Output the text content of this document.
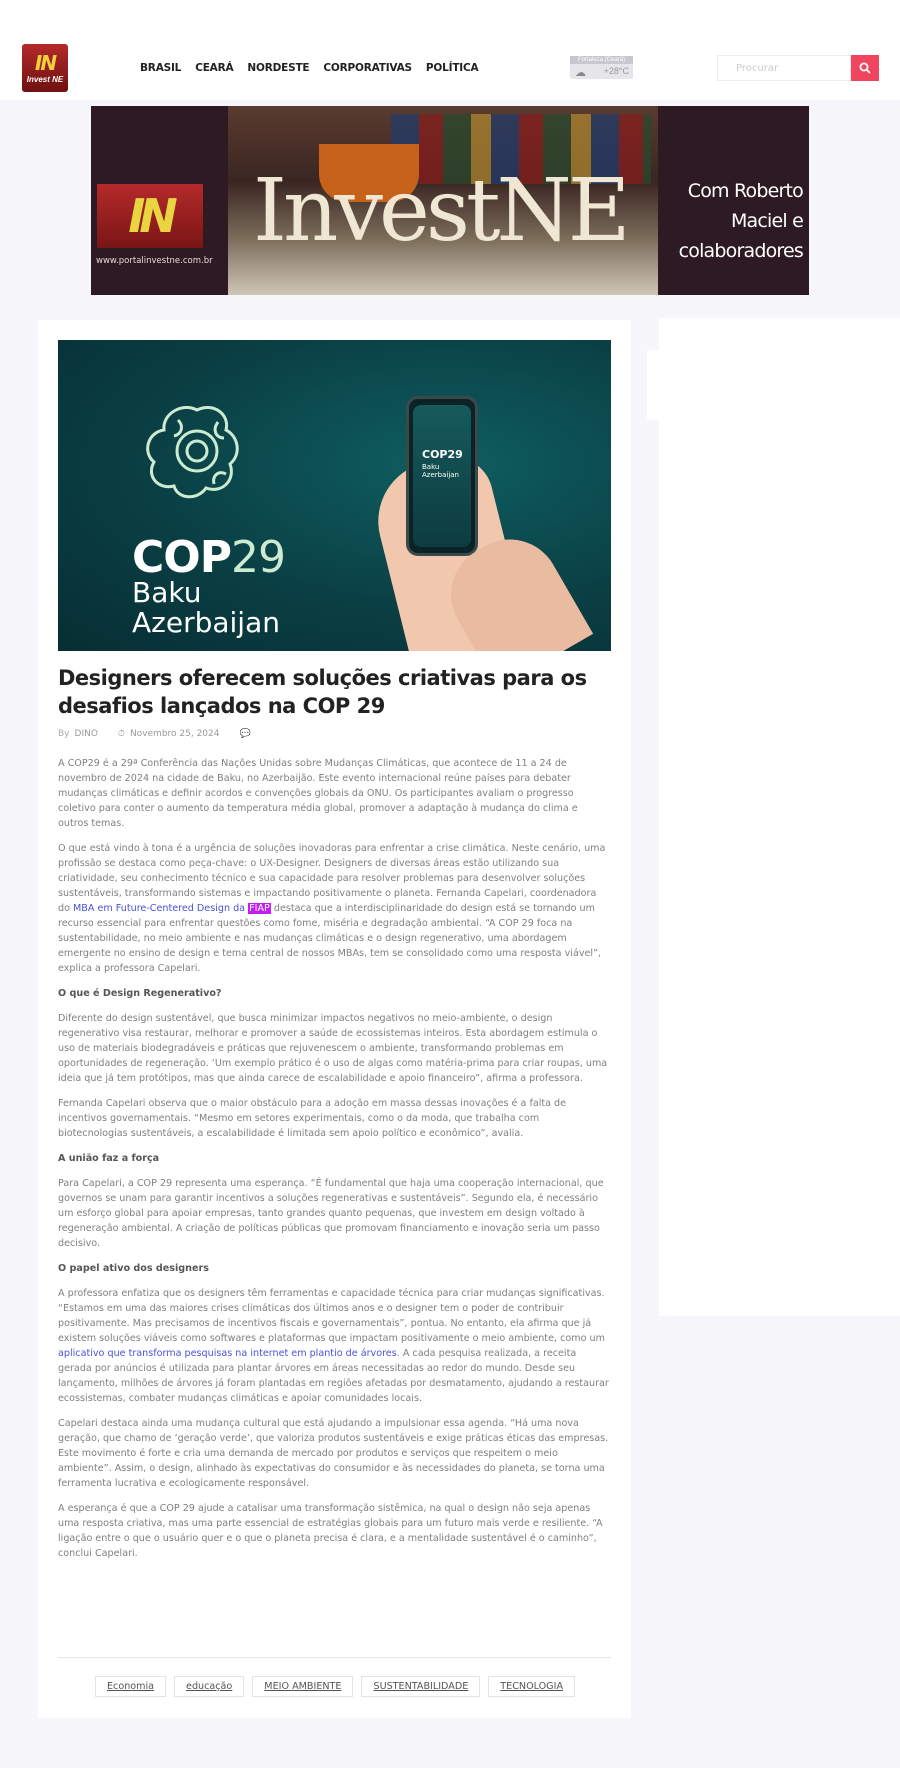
IN
Invest NE
BRASIL CEARÁ NORDESTE CORPORATIVAS POLÍTICA
Fortaleza (Ceará)
☁ +28°C
Procurar
IN
www.portalinvestne.com.br InvestNE	Com Roberto Maciel e colaboradores
COP29
Baku
Azerbaijan
COP29
Baku
Azerbaijan
Designers oferecem soluções criativas para os desafios lançados na COP 29
By DINO ⏱ Novembro 25, 2024 💬

A COP29 é a 29ª Conferência das Nações Unidas sobre Mudanças Climáticas, que acontece de 11 a 24 de novembro de 2024 na cidade de Baku, no Azerbaijão. Este evento internacional reúne países para debater mudanças climáticas e definir acordos e convenções globais da ONU. Os participantes avaliam o progresso coletivo para conter o aumento da temperatura média global, promover a adaptação à mudança do clima e outros temas.

O que está vindo à tona é a urgência de soluções inovadoras para enfrentar a crise climática. Neste cenário, uma profissão se destaca como peça-chave: o UX-Designer. Designers de diversas áreas estão utilizando sua criatividade, seu conhecimento técnico e sua capacidade para resolver problemas para desenvolver soluções sustentáveis, transformando sistemas e impactando positivamente o planeta. Fernanda Capelari, coordenadora do MBA em Future-Centered Design da FIAP destaca que a interdisciplinaridade do design está se tornando um recurso essencial para enfrentar questões como fome, miséria e degradação ambiental. “A COP 29 foca na sustentabilidade, no meio ambiente e nas mudanças climáticas e o design regenerativo, uma abordagem emergente no ensino de design e tema central de nossos MBAs, tem se consolidado como uma resposta viável”, explica a professora Capelari.

O que é Design Regenerativo?

Diferente do design sustentável, que busca minimizar impactos negativos no meio-ambiente, o design regenerativo visa restaurar, melhorar e promover a saúde de ecossistemas inteiros. Esta abordagem estimula o uso de materiais biodegradáveis e práticas que rejuvenescem o ambiente, transformando problemas em oportunidades de regeneração. ‘Um exemplo prático é o uso de algas como matéria-prima para criar roupas, uma ideia que já tem protótipos, mas que ainda carece de escalabilidade e apoio financeiro”, afirma a professora.

Fernanda Capelari observa que o maior obstáculo para a adoção em massa dessas inovações é a falta de incentivos governamentais. “Mesmo em setores experimentais, como o da moda, que trabalha com biotecnologias sustentáveis, a escalabilidade é limitada sem apoio político e econômico”, avalia.

A união faz a força

Para Capelari, a COP 29 representa uma esperança. “É fundamental que haja uma cooperação internacional, que governos se unam para garantir incentivos a soluções regenerativas e sustentáveis”. Segundo ela, é necessário um esforço global para apoiar empresas, tanto grandes quanto pequenas, que investem em design voltado à regeneração ambiental. A criação de políticas públicas que promovam financiamento e inovação seria um passo decisivo.

O papel ativo dos designers

A professora enfatiza que os designers têm ferramentas e capacidade técnica para criar mudanças significativas. “Estamos em uma das maiores crises climáticas dos últimos anos e o designer tem o poder de contribuir positivamente. Mas precisamos de incentivos fiscais e governamentais”, pontua. No entanto, ela afirma que já existem soluções viáveis como softwares e plataformas que impactam positivamente o meio ambiente, como um aplicativo que transforma pesquisas na internet em plantio de árvores. A cada pesquisa realizada, a receita gerada por anúncios é utilizada para plantar árvores em áreas necessitadas ao redor do mundo. Desde seu lançamento, milhões de árvores já foram plantadas em regiões afetadas por desmatamento, ajudando a restaurar ecossistemas, combater mudanças climáticas e apoiar comunidades locais.

Capelari destaca ainda uma mudança cultural que está ajudando a impulsionar essa agenda. “Há uma nova geração, que chamo de ‘geração verde’, que valoriza produtos sustentáveis e exige práticas éticas das empresas. Este movimento é forte e cria uma demanda de mercado por produtos e serviços que respeitem o meio ambiente”. Assim, o design, alinhado às expectativas do consumidor e às necessidades do planeta, se torna uma ferramenta lucrativa e ecologicamente responsável.

A esperança é que a COP 29 ajude a catalisar uma transformação sistêmica, na qual o design não seja apenas uma resposta criativa, mas uma parte essencial de estratégias globais para um futuro mais verde e resiliente. “A ligação entre o que o usuário quer e o que o planeta precisa é clara, e a mentalidade sustentável é o caminho”, conclui Capelari.

Economia	educação	MEIO AMBIENTE	SUSTENTABILIDADE	TECNOLOGIA
